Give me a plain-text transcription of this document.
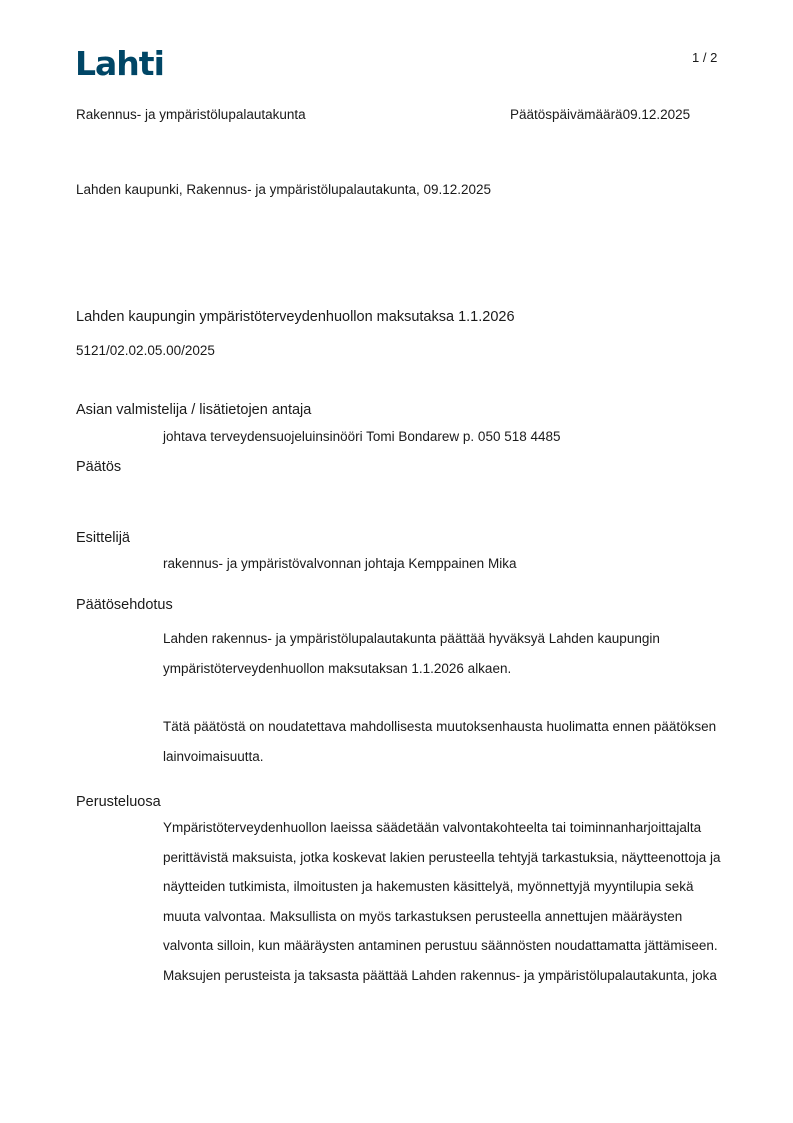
Lahti	1 / 2
Rakennus- ja ympäristölupalautakunta	Päätöspäivämäärä09.12.2025
Lahden kaupunki, Rakennus- ja ympäristölupalautakunta, 09.12.2025
Lahden kaupungin ympäristöterveydenhuollon maksutaksa 1.1.2026
5121/02.02.05.00/2025
Asian valmistelija / lisätietojen antaja
johtava terveydensuojeluinsinööri Tomi Bondarew p. 050 518 4485
Päätös
Esittelijä
rakennus- ja ympäristövalvonnan johtaja Kemppainen Mika
Päätösehdotus
Lahden rakennus- ja ympäristölupalautakunta päättää hyväksyä Lahden kaupungin ympäristöterveydenhuollon maksutaksan 1.1.2026 alkaen.
Tätä päätöstä on noudatettava mahdollisesta muutoksenhausta huolimatta ennen päätöksen lainvoimaisuutta.
Perusteluosa
Ympäristöterveydenhuollon laeissa säädetään valvontakohteelta tai toiminnanharjoittajalta perittävistä maksuista, jotka koskevat lakien perusteella tehtyjä tarkastuksia, näytteenottoja ja näytteiden tutkimista, ilmoitusten ja hakemusten käsittelyä, myönnettyjä myyntilupia sekä muuta valvontaa. Maksullista on myös tarkastuksen perusteella annettujen määräysten valvonta silloin, kun määräysten antaminen perustuu säännösten noudattamatta jättämiseen. Maksujen perusteista ja taksasta päättää Lahden rakennus- ja ympäristölupalautakunta, joka
